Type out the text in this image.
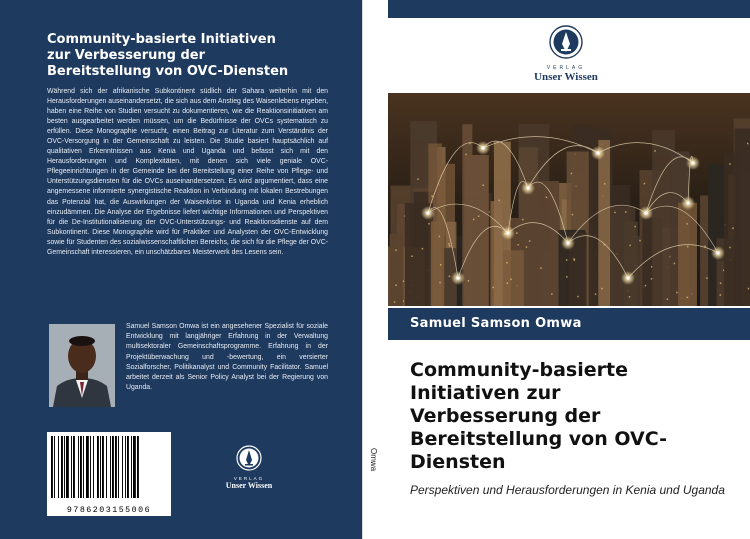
Community-basierte Initiativen
zur Verbesserung der
Bereitstellung von OVC-Diensten
Während sich der afrikanische Subkontinent südlich der Sahara weiterhin mit den Herausforderungen auseinandersetzt, die sich aus dem Anstieg des Waisenlebens ergeben, haben eine Reihe von Studien versucht zu dokumentieren, wie die Reaktionsinitiativen am besten ausgearbeitet werden müssen, um die Bedürfnisse der OVCs systematisch zu erfüllen. Diese Monographie versucht, einen Beitrag zur Literatur zum Verständnis der OVC-Versorgung in der Gemeinschaft zu leisten. Die Studie basiert hauptsächlich auf qualitativen Erkenntnissen aus Kenia und Uganda und befasst sich mit den Herausforderungen und Komplexitäten, mit denen sich viele geniale OVC-Pflegeeinrichtungen in der Gemeinde bei der Bereitstellung einer Reihe von Pflege- und Unterstützungsdiensten für die OVCs auseinandersetzen. Es wird argumentiert, dass eine angemessene informierte synergistische Reaktion in Verbindung mit lokalen Bestrebungen das Potenzial hat, die Auswirkungen der Waisenkrise in Uganda und Kenia erheblich einzudämmen. Die Analyse der Ergebnisse liefert wichtige Informationen und Perspektiven für die De-Institutionalisierung der OVC-Unterstützungs- und Reaktionsdienste auf dem Subkontinent. Diese Monographie wird für Praktiker und Analysten der OVC-Entwicklung sowie für Studenten des sozialwissenschaftlichen Bereichs, die sich für die Pflege der OVC-Gemeinschaft interessieren, ein unschätzbares Meisterwerk des Lesens sein.
Samuel Samson Omwa ist ein angesehener Spezialist für soziale Entwicklung mit langjähriger Erfahrung in der Verwaltung multisektoraler Gemeinschaftsprogramme. Erfahrung in der Projektüberwachung und -bewertung, ein versierter Sozialforscher, Politikanalyst und Community Facilitator. Samuel arbeitet derzeit als Senior Policy Analyst bei der Regierung von Uganda.
9786203155006
VERLAG
Unser Wissen
Omwa
VERLAG
Unser Wissen
Samuel Samson Omwa
Community-basierte
Initiativen zur
Verbesserung der
Bereitstellung von OVC-
Diensten
Perspektiven und Herausforderungen in Kenia und Uganda
